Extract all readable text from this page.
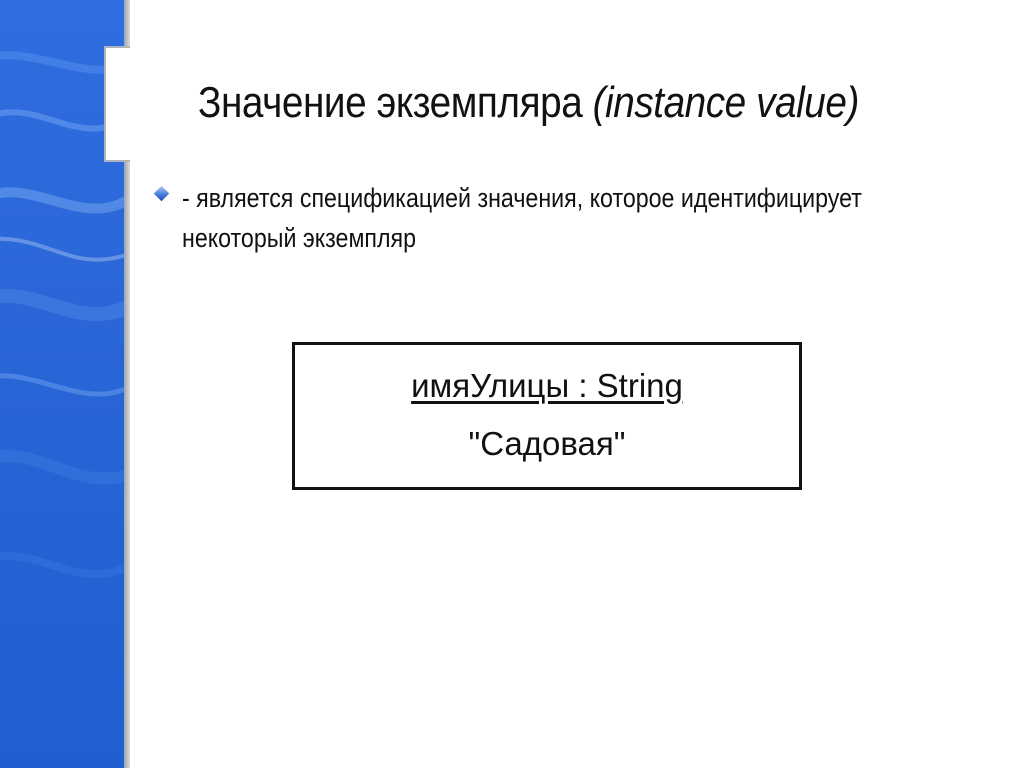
Значение экземпляра (instance value)
- является спецификацией значения, которое идентифицирует
некоторый экземпляр
имяУлицы : String
"Садовая"
